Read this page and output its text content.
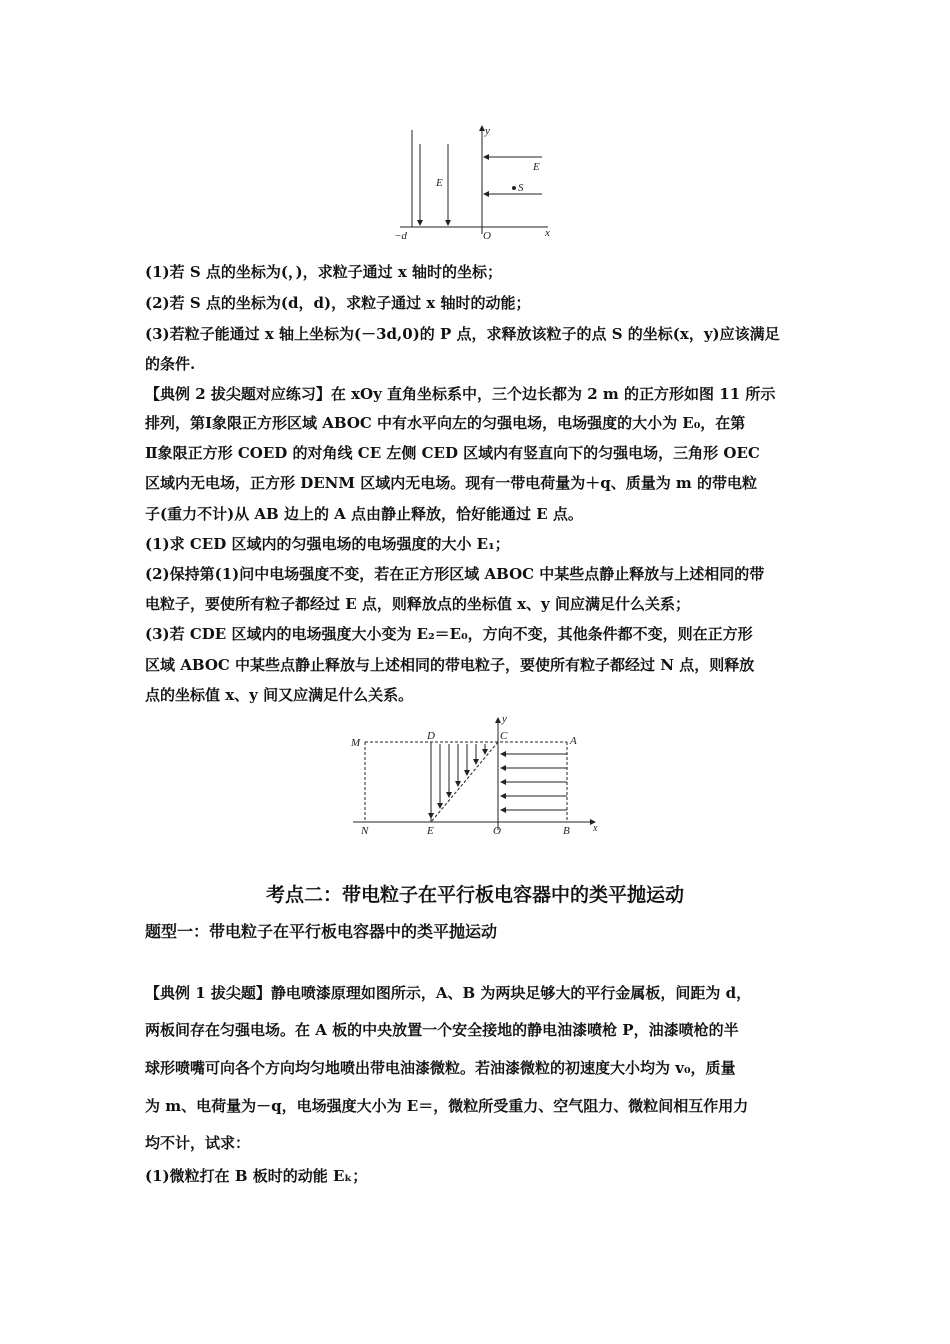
y
E
E
S
−d	O	x
(1)若 S 点的坐标为(，)，求粒子通过 x 轴时的坐标；
(2)若 S 点的坐标为(d，d)，求粒子通过 x 轴时的动能；
(3)若粒子能通过 x 轴上坐标为(－3d,0)的 P 点，求释放该粒子的点 S 的坐标(x，y)应该满足
的条件.
【典例 2 拔尖题对应练习】在 xOy 直角坐标系中，三个边长都为 2 m 的正方形如图 11 所示
排列，第Ⅰ象限正方形区域 ABOC 中有水平向左的匀强电场，电场强度的大小为 E₀，在第
Ⅱ象限正方形 COED 的对角线 CE 左侧 CED 区域内有竖直向下的匀强电场，三角形 OEC
区域内无电场，正方形 DENM 区域内无电场。现有一带电荷量为＋q、质量为 m 的带电粒
子(重力不计)从 AB 边上的 A 点由静止释放，恰好能通过 E 点。
(1)求 CED 区域内的匀强电场的电场强度的大小 E₁；
(2)保持第(1)问中电场强度不变，若在正方形区域 ABOC 中某些点静止释放与上述相同的带
电粒子，要使所有粒子都经过 E 点，则释放点的坐标值 x、y 间应满足什么关系；
(3)若 CDE 区域内的电场强度大小变为 E₂＝E₀，方向不变，其他条件都不变，则在正方形
区域 ABOC 中某些点静止释放与上述相同的带电粒子，要使所有粒子都经过 N 点，则释放
点的坐标值 x、y 间又应满足什么关系。
M
D
y
C	A
N	E	O	B x
考点二：带电粒子在平行板电容器中的类平抛运动
题型一：带电粒子在平行板电容器中的类平抛运动
【典例 1 拔尖题】静电喷漆原理如图所示，A、B 为两块足够大的平行金属板，间距为 d，
两板间存在匀强电场。在 A 板的中央放置一个安全接地的静电油漆喷枪 P，油漆喷枪的半
球形喷嘴可向各个方向均匀地喷出带电油漆微粒。若油漆微粒的初速度大小均为 v₀，质量
为 m、电荷量为－q，电场强度大小为 E＝，微粒所受重力、空气阻力、微粒间相互作用力
均不计，试求：
(1)微粒打在 B 板时的动能 Eₖ；
